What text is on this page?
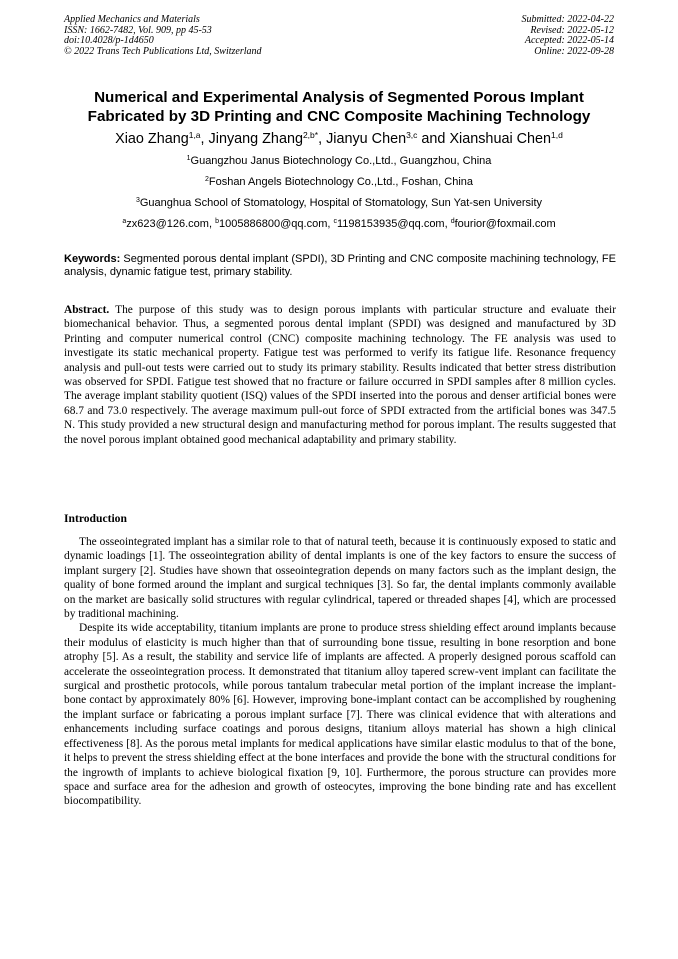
Applied Mechanics and Materials
ISSN: 1662-7482, Vol. 909, pp 45-53
doi:10.4028/p-1d4650
© 2022 Trans Tech Publications Ltd, Switzerland
Submitted: 2022-04-22
Revised: 2022-05-12
Accepted: 2022-05-14
Online: 2022-09-28
Numerical and Experimental Analysis of Segmented Porous Implant
Fabricated by 3D Printing and CNC Composite Machining Technology
Xiao Zhang$^{1,a}$, Jinyang Zhang$^{2,b*}$, Jianyu Chen$^{3,c}$ and Xianshuai Chen$^{1,d}$
$^1$Guangzhou Janus Biotechnology Co.,Ltd., Guangzhou, China
$^2$Foshan Angels Biotechnology Co.,Ltd., Foshan, China
$^3$Guanghua School of Stomatology, Hospital of Stomatology, Sun Yat-sen University
$^a$zx623@126.com, $^b$1005886800@qq.com, $^c$1198153935@qq.com, $^d$fourior@foxmail.com
Keywords: Segmented porous dental implant (SPDI), 3D Printing and CNC composite machining technology, FE analysis, dynamic fatigue test, primary stability.
Abstract. The purpose of this study was to design porous implants with particular structure and evaluate their biomechanical behavior. Thus, a segmented porous dental implant (SPDI) was designed and manufactured by 3D Printing and computer numerical control (CNC) composite machining technology. The FE analysis was used to investigate its static mechanical property. Fatigue test was performed to verify its fatigue life. Resonance frequency analysis and pull-out tests were carried out to study its primary stability. Results indicated that better stress distribution was observed for SPDI. Fatigue test showed that no fracture or failure occurred in SPDI samples after 8 million cycles. The average implant stability quotient (ISQ) values of the SPDI inserted into the porous and denser artificial bones were 68.7 and 73.0 respectively. The average maximum pull-out force of SPDI extracted from the artificial bones was 347.5 N. This study provided a new structural design and manufacturing method for porous implant. The results suggested that the novel porous implant obtained good mechanical adaptability and primary stability.
Introduction

The osseointegrated implant has a similar role to that of natural teeth, because it is continuously exposed to static and dynamic loadings [1]. The osseointegration ability of dental implants is one of the key factors to ensure the success of implant surgery [2]. Studies have shown that osseointegration depends on many factors such as the implant design, the quality of bone formed around the implant and surgical techniques [3]. So far, the dental implants commonly available on the market are basically solid structures with regular cylindrical, tapered or threaded shapes [4], which are processed by traditional machining.

Despite its wide acceptability, titanium implants are prone to produce stress shielding effect around implants because their modulus of elasticity is much higher than that of surrounding bone tissue, resulting in bone resorption and bone atrophy [5]. As a result, the stability and service life of implants are affected. A properly designed porous scaffold can accelerate the osseointegration process. It demonstrated that titanium alloy tapered screw-vent implant can facilitate the surgical and prosthetic protocols, while porous tantalum trabecular metal portion of the implant increase the implant-bone contact by approximately 80% [6]. However, improving bone-implant contact can be accomplished by roughening the implant surface or fabricating a porous implant surface [7]. There was clinical evidence that with alterations and enhancements including surface coatings and porous designs, titanium alloys material has shown a high clinical effectiveness [8]. As the porous metal implants for medical applications have similar elastic modulus to that of the bone, it helps to prevent the stress shielding effect at the bone interfaces and provide the bone with the structural conditions for the ingrowth of implants to achieve biological fixation [9, 10]. Furthermore, the porous structure can provides more space and surface area for the adhesion and growth of osteocytes, improving the bone binding rate and has excellent biocompatibility.
